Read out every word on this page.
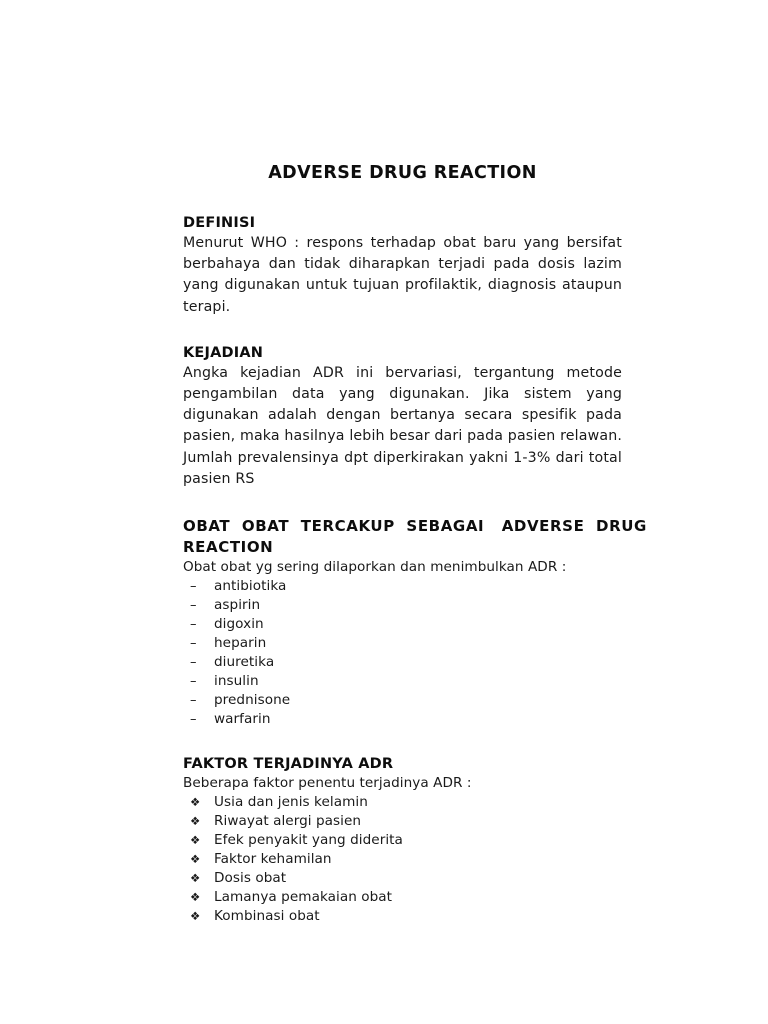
ADVERSE DRUG REACTION
DEFINISI

Menurut WHO : respons terhadap obat baru yang bersifat berbahaya dan tidak diharapkan terjadi pada dosis lazim yang digunakan untuk tujuan profilaktik, diagnosis ataupun terapi.

KEJADIAN

Angka kejadian ADR ini bervariasi, tergantung metode pengambilan data yang digunakan. Jika sistem yang digunakan adalah dengan bertanya secara spesifik pada pasien, maka hasilnya lebih besar dari pada pasien relawan. Jumlah prevalensinya dpt diperkirakan yakni 1-3% dari total pasien RS

OBAT  OBAT  TERCAKUP  SEBAGAI   ADVERSE  DRUG
REACTION

Obat obat yg sering dilaporkan dan menimbulkan ADR :

–	antibiotika
–	aspirin
–	digoxin
–	heparin
–	diuretika
–	insulin
–	prednisone
–	warfarin
FAKTOR TERJADINYA ADR

Beberapa faktor penentu terjadinya ADR :

❖	Usia dan jenis kelamin
❖	Riwayat alergi pasien
❖	Efek penyakit yang diderita
❖	Faktor kehamilan
❖	Dosis obat
❖	Lamanya pemakaian obat
❖	Kombinasi obat
